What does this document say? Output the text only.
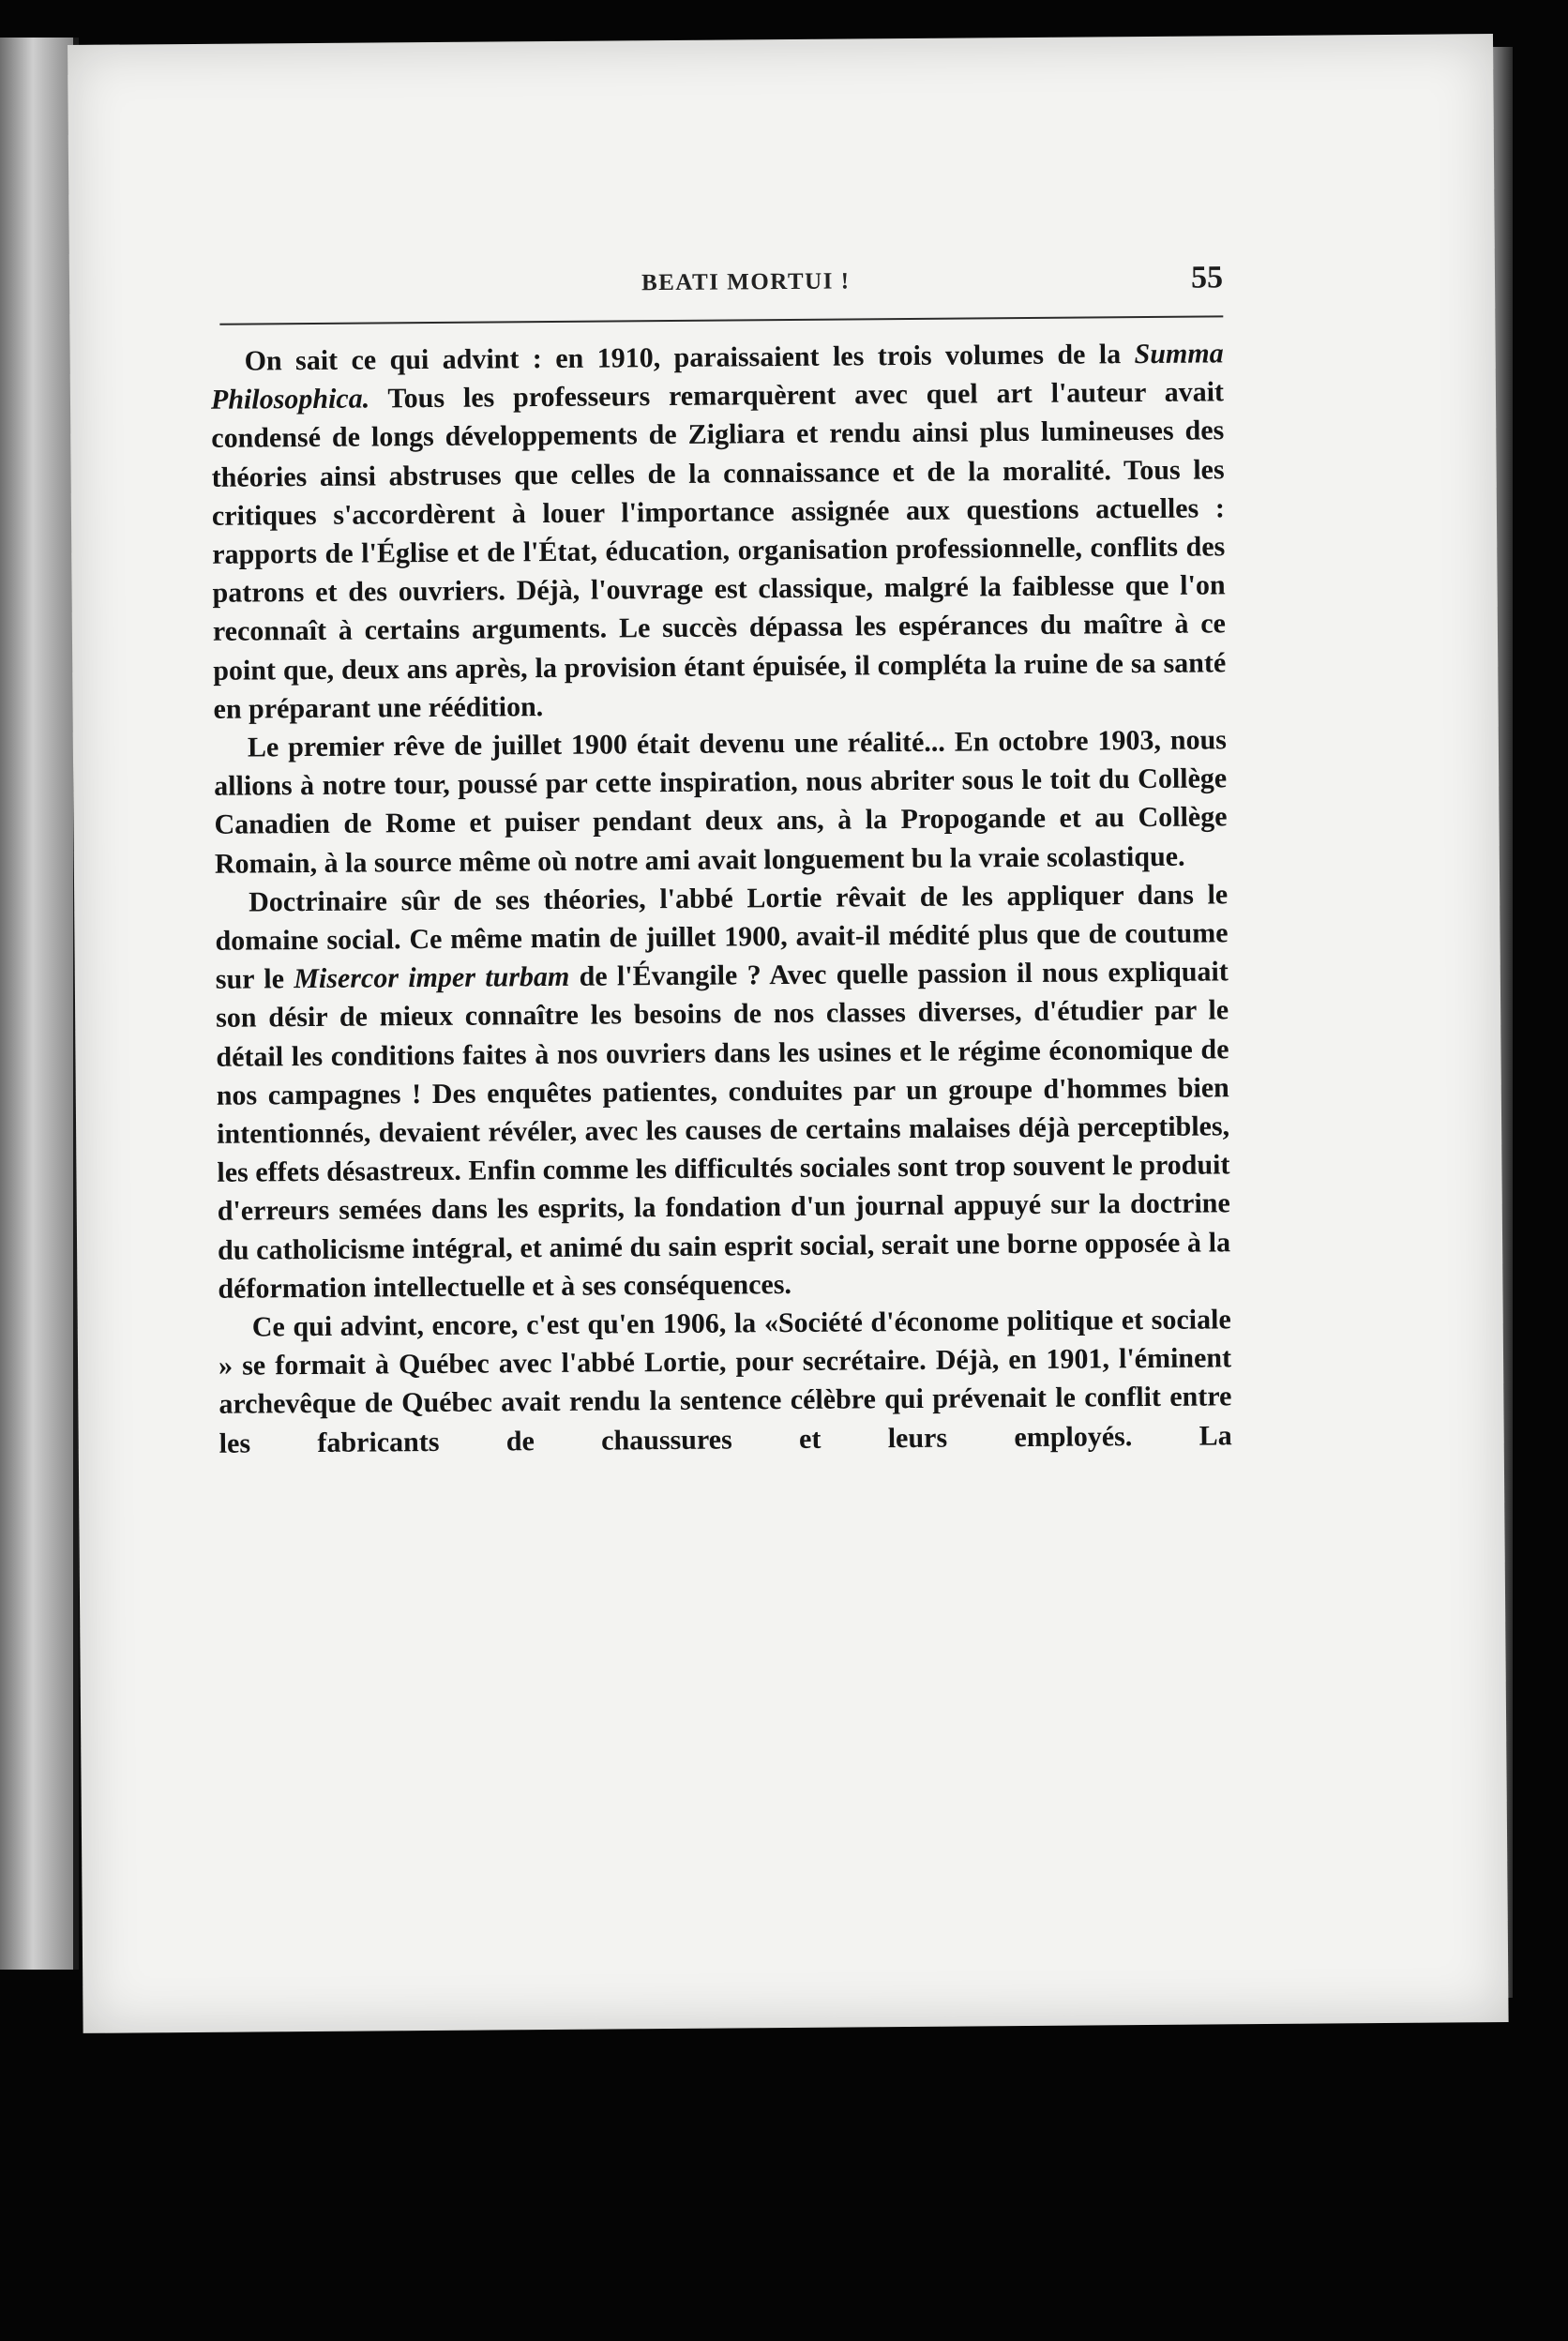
BEATI MORTUI !	55

On sait ce qui advint : en 1910, paraissaient les trois volumes de la Summa Philosophica. Tous les professeurs remarquèrent avec quel art l'auteur avait condensé de longs développements de Zigliara et rendu ainsi plus lumineuses des théories ainsi abstruses que celles de la connaissance et de la moralité. Tous les critiques s'accordèrent à louer l'importance assignée aux questions actuelles : rapports de l'Église et de l'État, éducation, organisation professionnelle, conflits des patrons et des ouvriers. Déjà, l'ouvrage est classique, malgré la faiblesse que l'on reconnaît à certains arguments. Le succès dépassa les espérances du maître à ce point que, deux ans après, la provision étant épuisée, il compléta la ruine de sa santé en préparant une réédition.

Le premier rêve de juillet 1900 était devenu une réalité... En octobre 1903, nous allions à notre tour, poussé par cette inspiration, nous abriter sous le toit du Collège Canadien de Rome et puiser pendant deux ans, à la Propogande et au Collège Romain, à la source même où notre ami avait longuement bu la vraie scolastique.

Doctrinaire sûr de ses théories, l'abbé Lortie rêvait de les appliquer dans le domaine social. Ce même matin de juillet 1900, avait-il médité plus que de coutume sur le Misercor imper turbam de l'Évangile ? Avec quelle passion il nous expliquait son désir de mieux connaître les besoins de nos classes diverses, d'étudier par le détail les conditions faites à nos ouvriers dans les usines et le régime économique de nos campagnes ! Des enquêtes patientes, conduites par un groupe d'hommes bien intentionnés, devaient révéler, avec les causes de certains malaises déjà perceptibles, les effets désastreux. Enfin comme les difficultés sociales sont trop souvent le produit d'erreurs semées dans les esprits, la fondation d'un journal appuyé sur la doctrine du catholicisme intégral, et animé du sain esprit social, serait une borne opposée à la déformation intellectuelle et à ses conséquences.

Ce qui advint, encore, c'est qu'en 1906, la «Société d'économe politique et sociale » se formait à Québec avec l'abbé Lortie, pour secrétaire. Déjà, en 1901, l'éminent archevêque de Québec avait rendu la sentence célèbre qui prévenait le conflit entre les fabricants de chaussures et leurs employés. La
